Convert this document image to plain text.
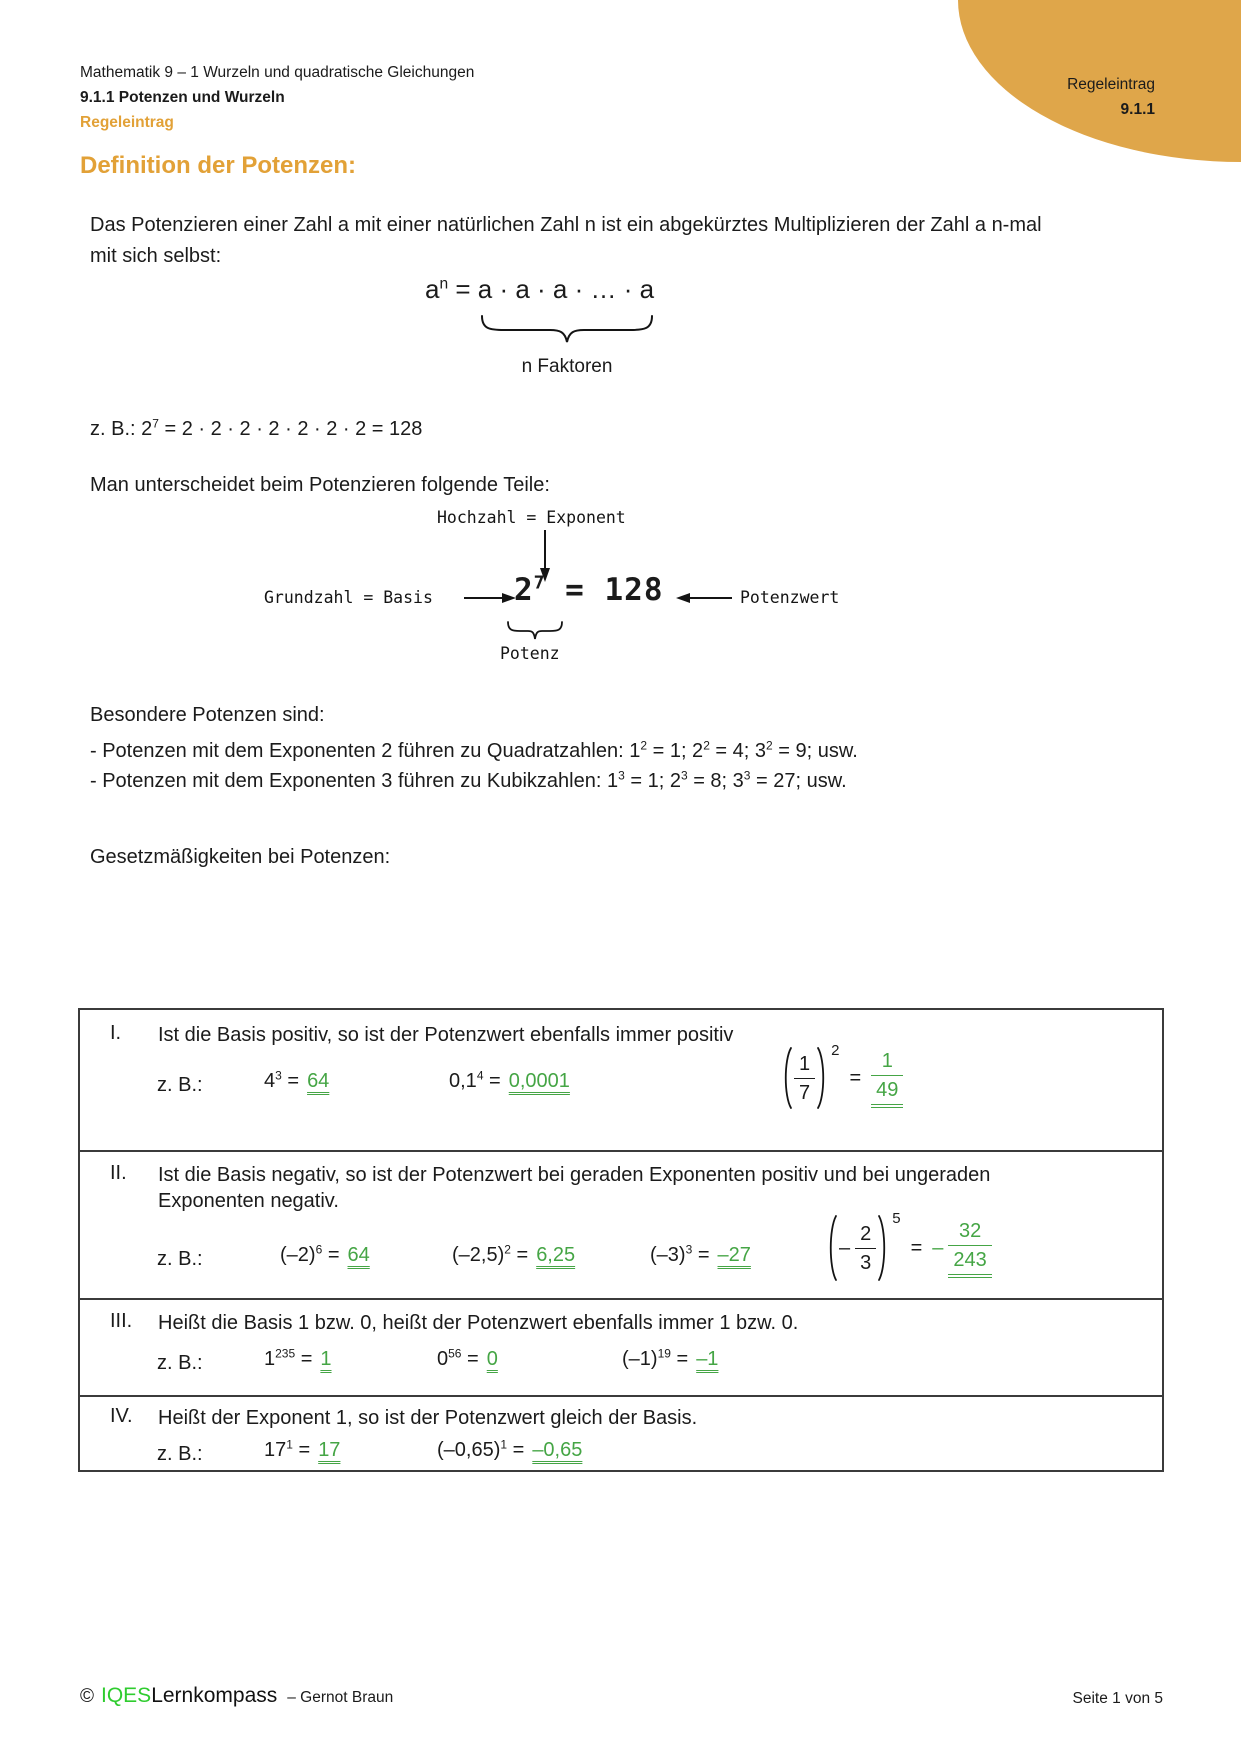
Mathematik 9 – 1 Wurzeln und quadratische Gleichungen
9.1.1 Potenzen und Wurzeln
Regeleintrag
Regeleintrag
9.1.1
Definition der Potenzen:
Das Potenzieren einer Zahl a mit einer natürlichen Zahl n ist ein abgekürztes Multiplizieren der Zahl a n-mal mit sich selbst:
$a^n = a \cdot a \cdot a$ · … · a
n Faktoren
z. B.: $2^7 = 2 \cdot 2 \cdot 2 \cdot 2 \cdot 2 \cdot 2 \cdot 2 = 128$
Man unterscheidet beim Potenzieren folgende Teile:
Hochzahl = Exponent
Grundzahl = Basis	$2^7 = 128$	Potenzwert
Potenz
Besondere Potenzen sind:
- Potenzen mit dem Exponenten 2 führen zu Quadratzahlen: $1^2 = 1$; $2^2 = 4$; $3^2 = 9$; usw.
- Potenzen mit dem Exponenten 3 führen zu Kubikzahlen: $1^3 = 1$; $2^3 = 8$; $3^3 = 27$; usw.
Gesetzmäßigkeiten bei Potenzen:
I. Ist die Basis positiv, so ist der Potenzwert ebenfalls immer positiv
z. B.:	$4^3 = 64$	$0,1^4 = 0,0001$	$\frac{1}{7}$
2
= $\frac{1}{49}$
II. Ist die Basis negativ, so ist der Potenzwert bei geraden Exponenten positiv und bei ungeraden Exponenten negativ.
z. B.:	$(-2)^6 = 64$	$(-2,5)^2 = 6,25$	$(-3)^3 = -27$	– $\frac{2}{3}$
5
= – $\frac{32}{243}$
III. Heißt die Basis 1 bzw. 0, heißt der Potenzwert ebenfalls immer 1 bzw. 0.
z. B.:	$1^{235} = 1$	$0^{56} = 0$	$(-1)^{19} = -1$
IV. Heißt der Exponent 1, so ist der Potenzwert gleich der Basis.
z. B.:	$17^1 = 17$	$(-0,65)^1 = -0,65$
© IQES Lernkompass – Gernot Braun	Seite 1 von 5
